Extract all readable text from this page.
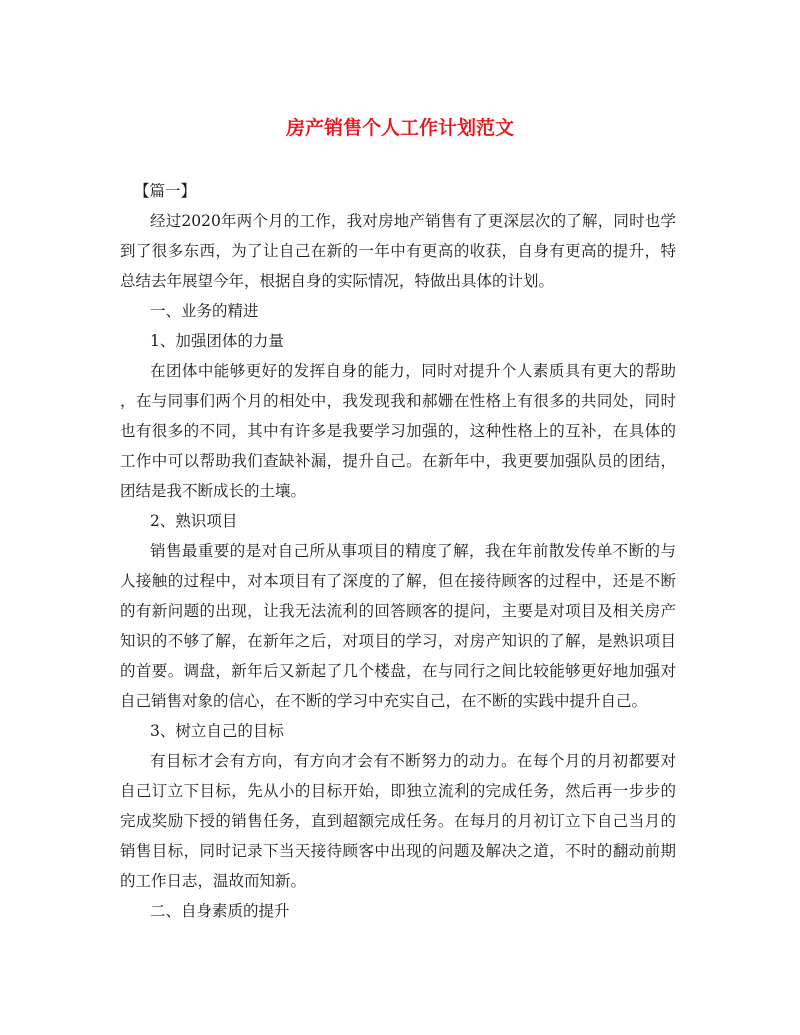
房产销售个人工作计划范文
【篇一】
经过2020年两个月的工作，我对房地产销售有了更深层次的了解，同时也学
到了很多东西，为了让自己在新的一年中有更高的收获，自身有更高的提升，特
总结去年展望今年，根据自身的实际情况，特做出具体的计划。
一、业务的精进
1、加强团体的力量
在团体中能够更好的发挥自身的能力，同时对提升个人素质具有更大的帮助
，在与同事们两个月的相处中，我发现我和郝姗在性格上有很多的共同处，同时
也有很多的不同，其中有许多是我要学习加强的，这种性格上的互补，在具体的
工作中可以帮助我们查缺补漏，提升自己。在新年中，我更要加强队员的团结，
团结是我不断成长的土壤。
2、熟识项目
销售最重要的是对自己所从事项目的精度了解，我在年前散发传单不断的与
人接触的过程中，对本项目有了深度的了解，但在接待顾客的过程中，还是不断
的有新问题的出现，让我无法流利的回答顾客的提问，主要是对项目及相关房产
知识的不够了解，在新年之后，对项目的学习，对房产知识的了解，是熟识项目
的首要。调盘，新年后又新起了几个楼盘，在与同行之间比较能够更好地加强对
自己销售对象的信心，在不断的学习中充实自己，在不断的实践中提升自己。
3、树立自己的目标
有目标才会有方向，有方向才会有不断努力的动力。在每个月的月初都要对
自己订立下目标，先从小的目标开始，即独立流利的完成任务，然后再一步步的
完成奖励下授的销售任务，直到超额完成任务。在每月的月初订立下自己当月的
销售目标，同时记录下当天接待顾客中出现的问题及解决之道，不时的翻动前期
的工作日志，温故而知新。
二、自身素质的提升
